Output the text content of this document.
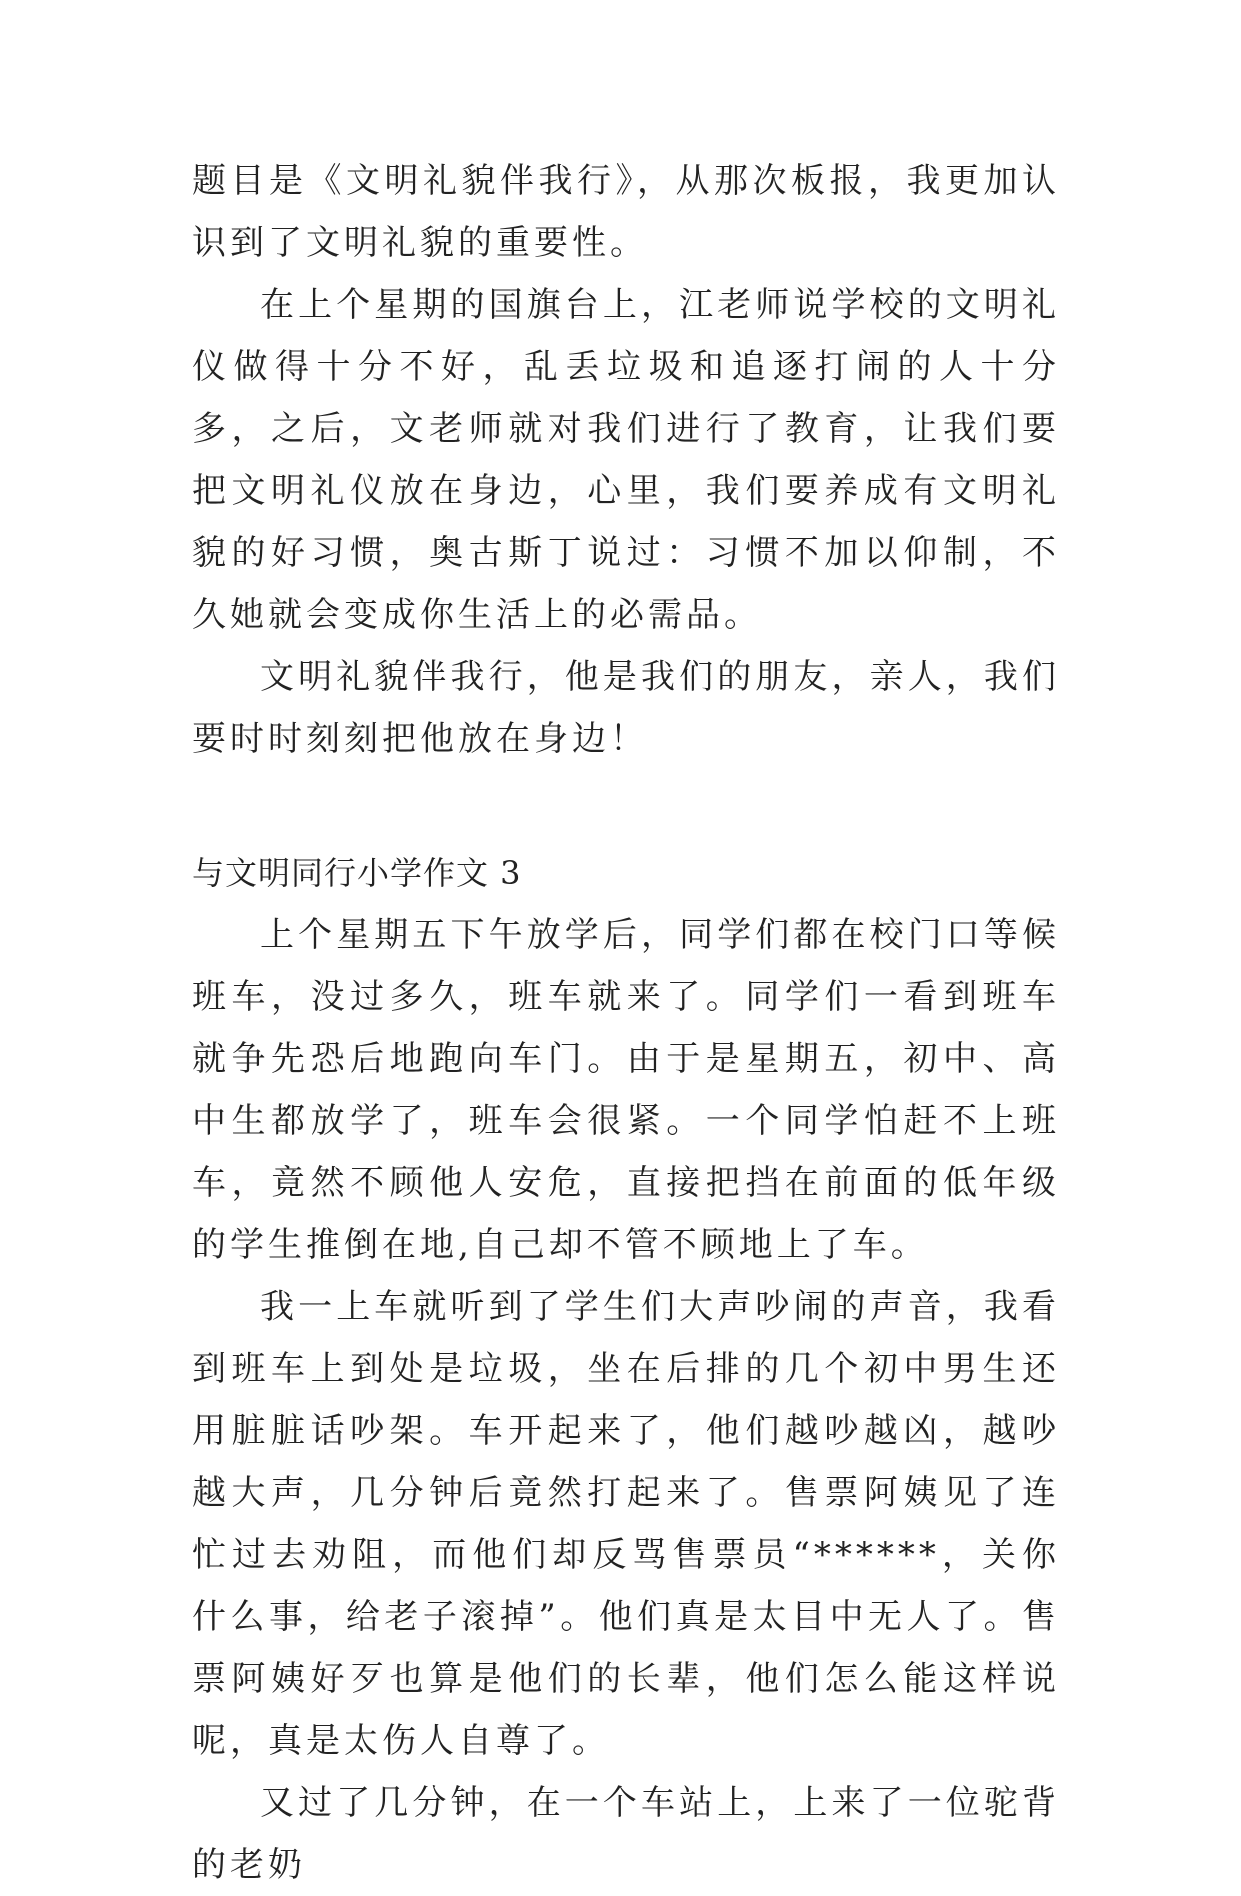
题目是《文明礼貌伴我行》，从那次板报，我更加认识到了文明礼貌的重要性。

在上个星期的国旗台上，江老师说学校的文明礼仪做得十分不好，乱丢垃圾和追逐打闹的人十分多，之后，文老师就对我们进行了教育，让我们要把文明礼仪放在身边，心里，我们要养成有文明礼貌的好习惯，奥古斯丁说过：习惯不加以仰制，不久她就会变成你生活上的必需品。

文明礼貌伴我行，他是我们的朋友，亲人，我们要时时刻刻把他放在身边！

与文明同行小学作文 3

上个星期五下午放学后，同学们都在校门口等候班车，没过多久，班车就来了。同学们一看到班车就争先恐后地跑向车门。由于是星期五，初中、高中生都放学了，班车会很紧。一个同学怕赶不上班车，竟然不顾他人安危，直接把挡在前面的低年级的学生推倒在地,自己却不管不顾地上了车。

我一上车就听到了学生们大声吵闹的声音，我看到班车上到处是垃圾，坐在后排的几个初中男生还用脏脏话吵架。车开起来了，他们越吵越凶，越吵越大声，几分钟后竟然打起来了。售票阿姨见了连忙过去劝阻，而他们却反骂售票员“******，关你什么事，给老子滚掉”。他们真是太目中无人了。售票阿姨好歹也算是他们的长辈，他们怎么能这样说呢，真是太伤人自尊了。

又过了几分钟，在一个车站上，上来了一位驼背的老奶
